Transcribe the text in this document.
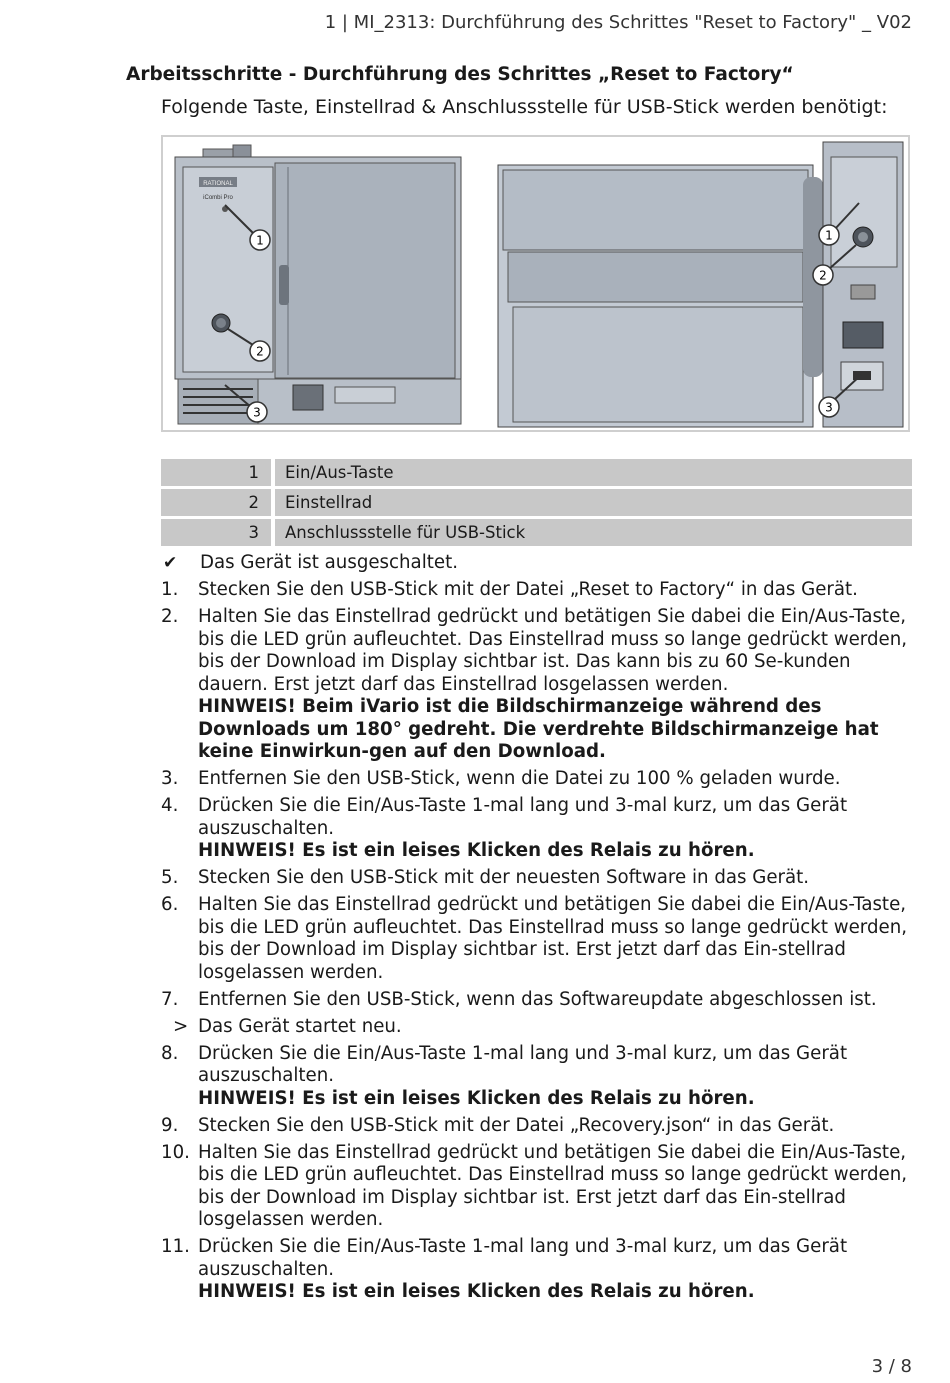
1 | MI_2313: Durchführung des Schrittes "Reset to Factory" _ V02
Arbeitsschritte - Durchführung des Schrittes „Reset to Factory“
Folgende Taste, Einstellrad & Anschlussstelle für USB-Stick werden benötigt:
RATIONAL
iCombi Pro
1
2
3
1
2
3
1	Ein/Aus-Taste
2	Einstellrad
3	Anschlussstelle für USB-Stick
✔	Das Gerät ist ausgeschaltet.
1.	Stecken Sie den USB-Stick mit der Datei „Reset to Factory“ in das Gerät.
2.	Halten Sie das Einstellrad gedrückt und betätigen Sie dabei die Ein/Aus-Taste, bis die LED grün aufleuchtet. Das Einstellrad muss so lange gedrückt werden, bis der Download im Display sichtbar ist. Das kann bis zu 60 Se-kunden dauern. Erst jetzt darf das Einstellrad losgelassen werden.
HINWEIS! Beim iVario ist die Bildschirmanzeige während des Downloads um 180° gedreht. Die verdrehte Bildschirmanzeige hat keine Einwirkun-gen auf den Download.
3.	Entfernen Sie den USB-Stick, wenn die Datei zu 100 % geladen wurde.
4.	Drücken Sie die Ein/Aus-Taste 1-mal lang und 3-mal kurz, um das Gerät auszuschalten.
HINWEIS! Es ist ein leises Klicken des Relais zu hören.
5.	Stecken Sie den USB-Stick mit der neuesten Software in das Gerät.
6.	Halten Sie das Einstellrad gedrückt und betätigen Sie dabei die Ein/Aus-Taste, bis die LED grün aufleuchtet. Das Einstellrad muss so lange gedrückt werden, bis der Download im Display sichtbar ist. Erst jetzt darf das Ein-stellrad losgelassen werden.
7.	Entfernen Sie den USB-Stick, wenn das Softwareupdate abgeschlossen ist.
> Das Gerät startet neu.
8.	Drücken Sie die Ein/Aus-Taste 1-mal lang und 3-mal kurz, um das Gerät auszuschalten.
HINWEIS! Es ist ein leises Klicken des Relais zu hören.
9.	Stecken Sie den USB-Stick mit der Datei „Recovery.json“ in das Gerät.
10. Halten Sie das Einstellrad gedrückt und betätigen Sie dabei die Ein/Aus-Taste, bis die LED grün aufleuchtet. Das Einstellrad muss so lange gedrückt werden, bis der Download im Display sichtbar ist. Erst jetzt darf das Ein-stellrad losgelassen werden.
11. Drücken Sie die Ein/Aus-Taste 1-mal lang und 3-mal kurz, um das Gerät auszuschalten.
HINWEIS! Es ist ein leises Klicken des Relais zu hören.
3 / 8
